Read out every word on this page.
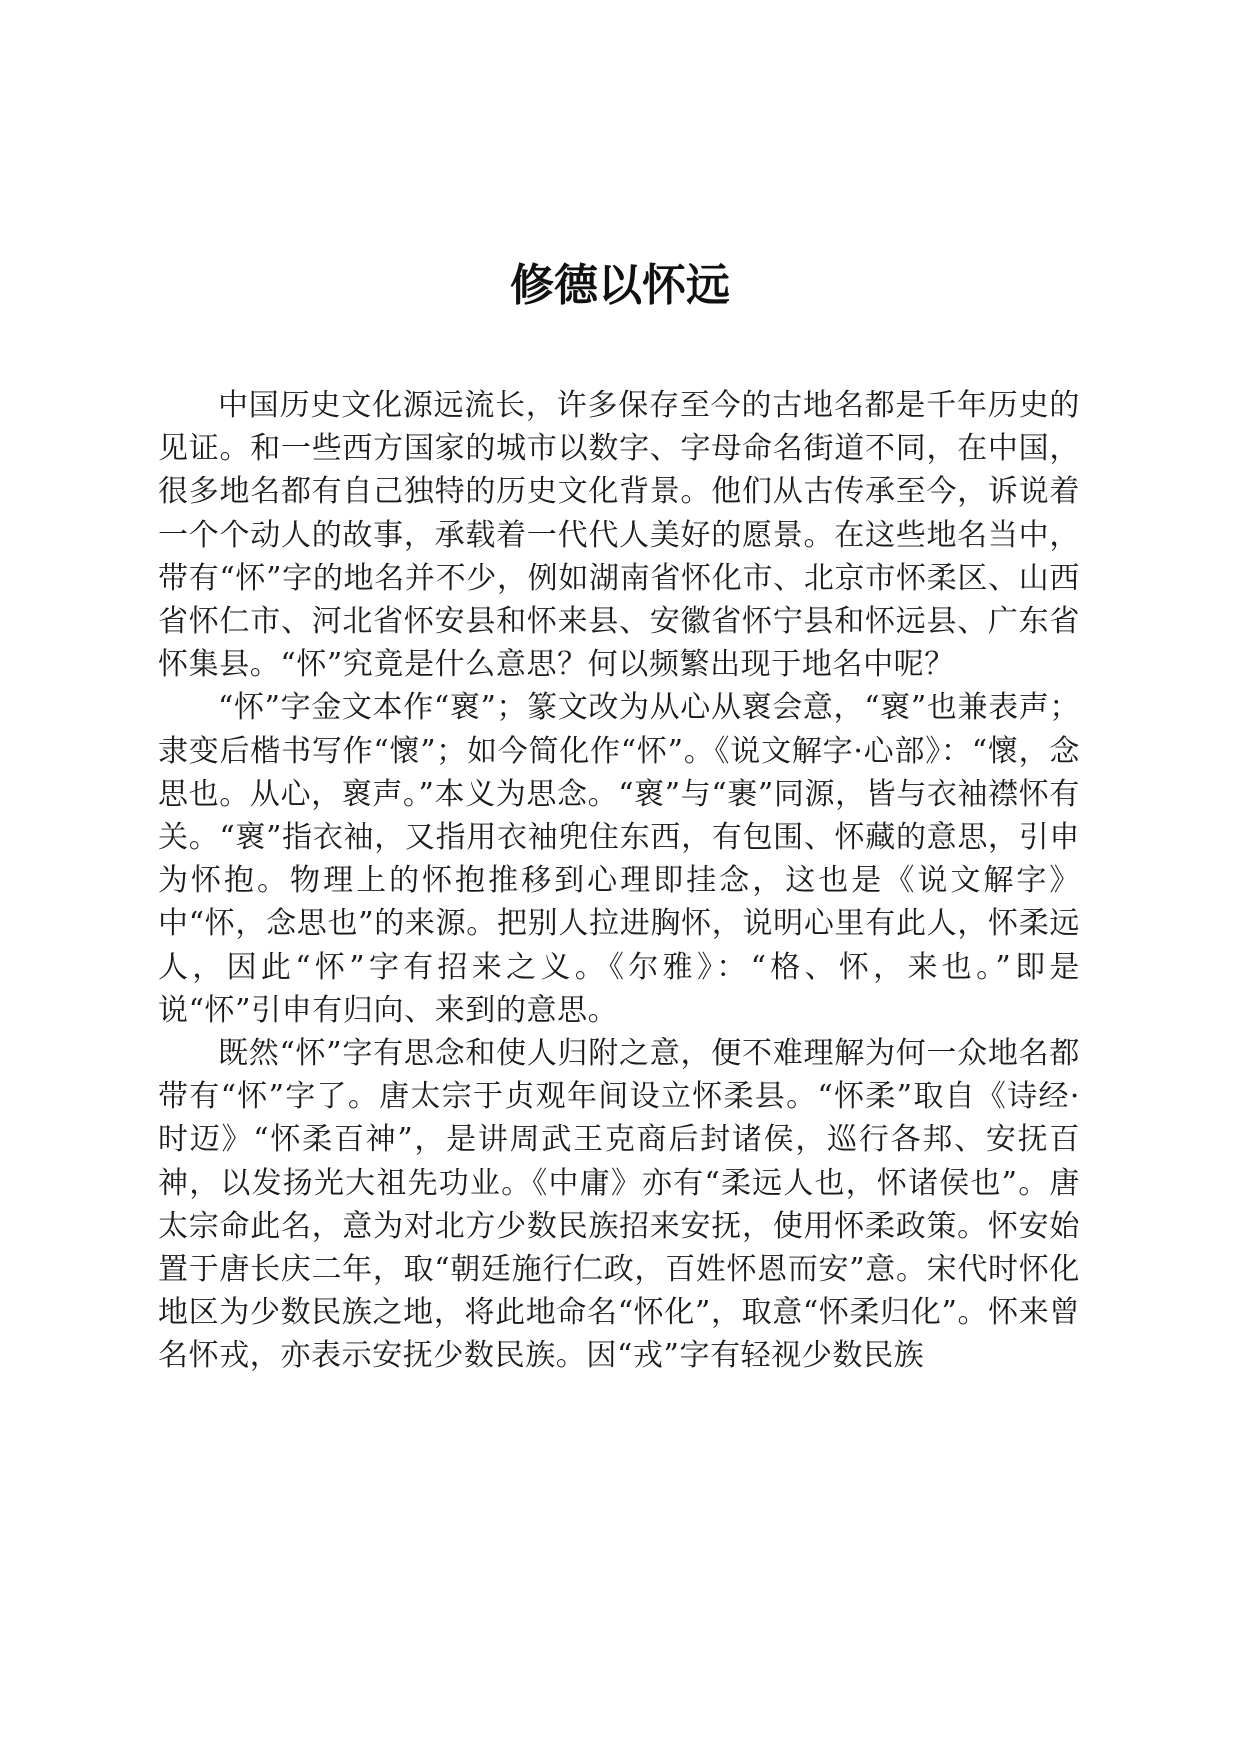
修德以怀远

中国历史文化源远流长，许多保存至今的古地名都是千年历史的见证。和一些西方国家的城市以数字、字母命名街道不同，在中国，很多地名都有自己独特的历史文化背景。他们从古传承至今，诉说着一个个动人的故事，承载着一代代人美好的愿景。在这些地名当中，带有“怀”字的地名并不少，例如湖南省怀化市、北京市怀柔区、山西省怀仁市、河北省怀安县和怀来县、安徽省怀宁县和怀远县、广东省怀集县。“怀”究竟是什么意思？何以频繁出现于地名中呢？

“怀”字金文本作“褱”；篆文改为从心从褱会意，“褱”也兼表声；隶变后楷书写作“懷”；如今简化作“怀”。《说文解字·心部》：“懷，念思也。从心，褱声。”本义为思念。“褱”与“裹”同源，皆与衣袖襟怀有关。“褱”指衣袖，又指用衣袖兜住东西，有包围、怀藏的意思，引申为怀抱。物理上的怀抱推移到心理即挂念，这也是《说文解字》中“怀，念思也”的来源。把别人拉进胸怀，说明心里有此人，怀柔远人，因此“怀”字有招来之义。《尔雅》：“格、怀，来也。”即是说“怀”引申有归向、来到的意思。

既然“怀”字有思念和使人归附之意，便不难理解为何一众地名都带有“怀”字了。唐太宗于贞观年间设立怀柔县。“怀柔”取自《诗经·时迈》“怀柔百神”，是讲周武王克商后封诸侯，巡行各邦、安抚百神，以发扬光大祖先功业。《中庸》亦有“柔远人也，怀诸侯也”。唐太宗命此名，意为对北方少数民族招来安抚，使用怀柔政策。怀安始置于唐长庆二年，取“朝廷施行仁政，百姓怀恩而安”意。宋代时怀化地区为少数民族之地，将此地命名“怀化”，取意“怀柔归化”。怀来曾名怀戎，亦表示安抚少数民族。因“戎”字有轻视少数民族
